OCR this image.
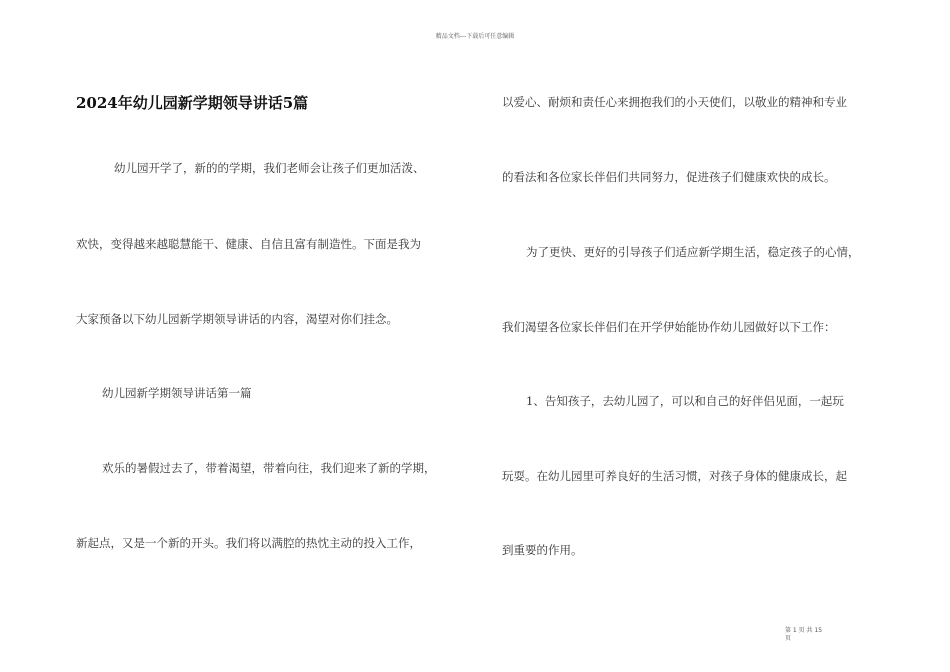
精品文档---下载后可任意编辑
2024年幼儿园新学期领导讲话5篇
幼儿园开学了，新的的学期，我们老师会让孩子们更加活泼、
欢快，变得越来越聪慧能干、健康、自信且富有制造性。下面是我为
大家预备以下幼儿园新学期领导讲话的内容，渴望对你们挂念。
幼儿园新学期领导讲话第一篇
欢乐的暑假过去了，带着渴望，带着向往，我们迎来了新的学期，
新起点，又是一个新的开头。我们将以满腔的热忱主动的投入工作，
以爱心、耐烦和责任心来拥抱我们的小天使们，以敬业的精神和专业
的看法和各位家长伴侣们共同努力，促进孩子们健康欢快的成长。
为了更快、更好的引导孩子们适应新学期生活，稳定孩子的心情，
我们渴望各位家长伴侣们在开学伊始能协作幼儿园做好以下工作：
1、告知孩子，去幼儿园了，可以和自己的好伴侣见面，一起玩
玩耍。在幼儿园里可养良好的生活习惯，对孩子身体的健康成长，起
到重要的作用。
第 1 页 共 15 页
